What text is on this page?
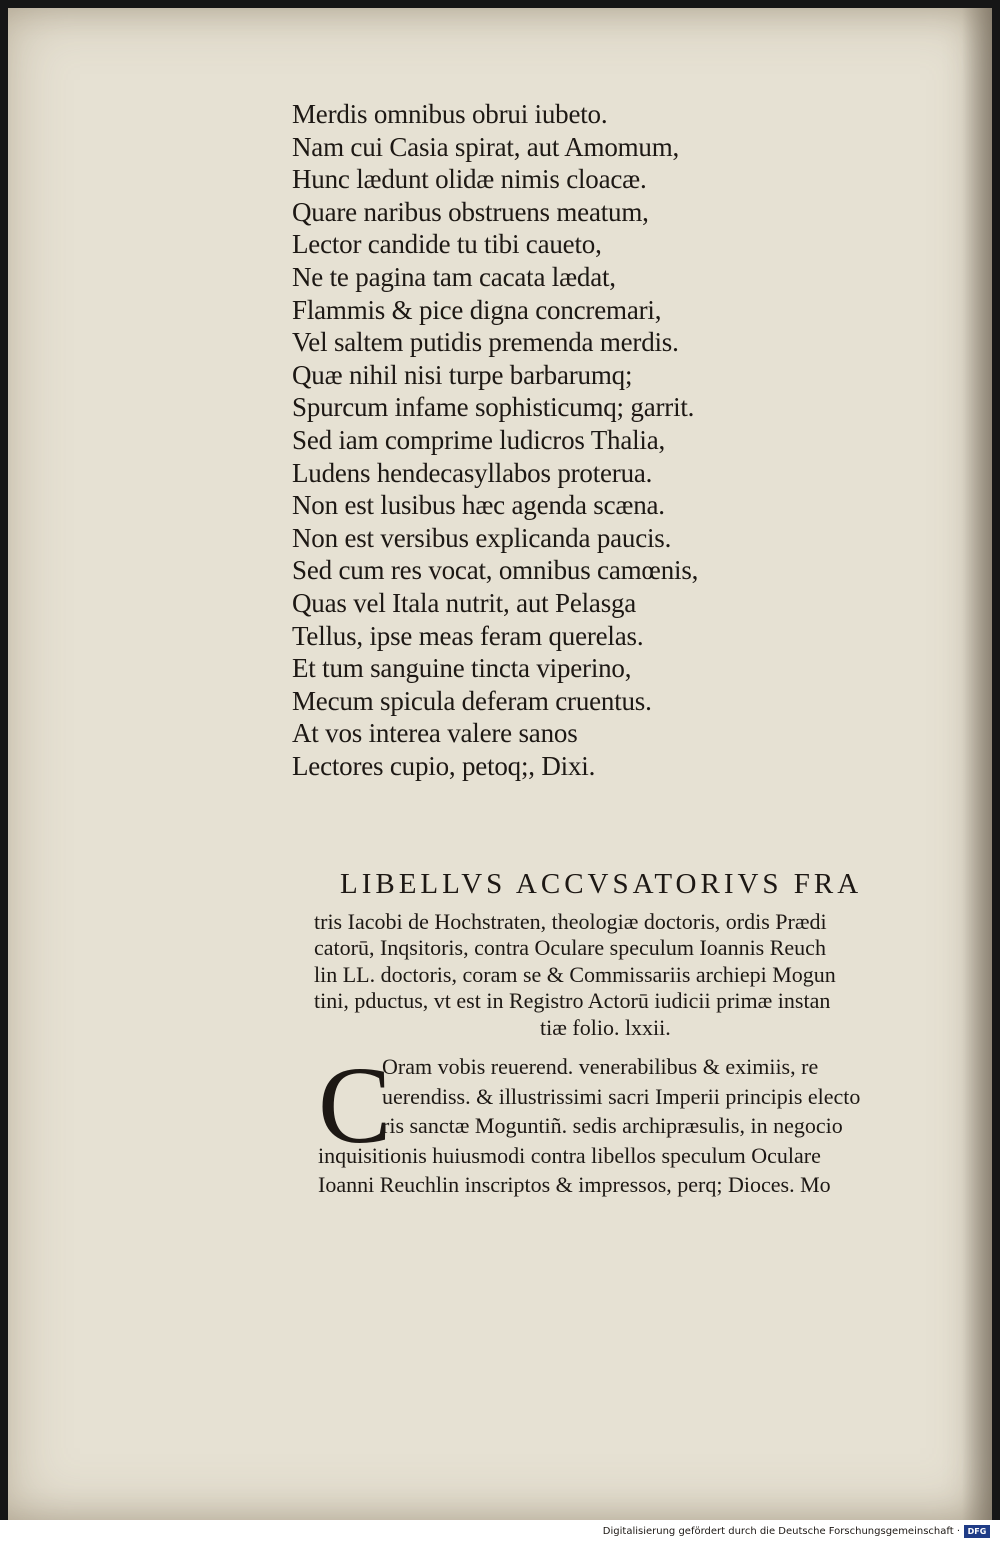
Merdis omnibus obrui iubeto.
Nam cui Casia spirat, aut Amomum,
Hunc lædunt olidæ nimis cloacæ.
Quare naribus obstruens meatum,
Lector candide tu tibi caueto,
Ne te pagina tam cacata lædat,
Flammis & pice digna concremari,
Vel saltem putidis premenda merdis.
Quæ nihil nisi turpe barbarumq;
Spurcum infame sophisticumq; garrit.
Sed iam comprime ludicros Thalia,
Ludens hendecasyllabos proterua.
Non est lusibus hæc agenda scæna.
Non est versibus explicanda paucis.
Sed cum res vocat, omnibus camœnis,
Quas vel Itala nutrit, aut Pelasga
Tellus, ipse meas feram querelas.
Et tum sanguine tincta viperino,
Mecum spicula deferam cruentus.
At vos interea valere sanos
Lectores cupio, petoq;, Dixi.
LIBELLVS ACCVSATORIVS FRA
tris Iacobi de Hochstraten, theologiæ doctoris, ordis Prædi
catorū, Inqsitoris, contra Oculare speculum Ioannis Reuch
lin LL. doctoris, coram se & Commissariis archiepi Mogun
tini, pductus, vt est in Registro Actorū iudicii primæ instan
tiæ folio. lxxii.
C
Oram vobis reuerend. venerabilibus & eximiis, re
uerendiss. & illustrissimi sacri Imperii principis electo
ris sanctæ Moguntiñ. sedis archipræsulis, in negocio
inquisitionis huiusmodi contra libellos speculum Oculare
Ioanni Reuchlin inscriptos & impressos, perq; Dioces. Mo
Digitalisierung gefördert durch die Deutsche Forschungsgemeinschaft · DFG
